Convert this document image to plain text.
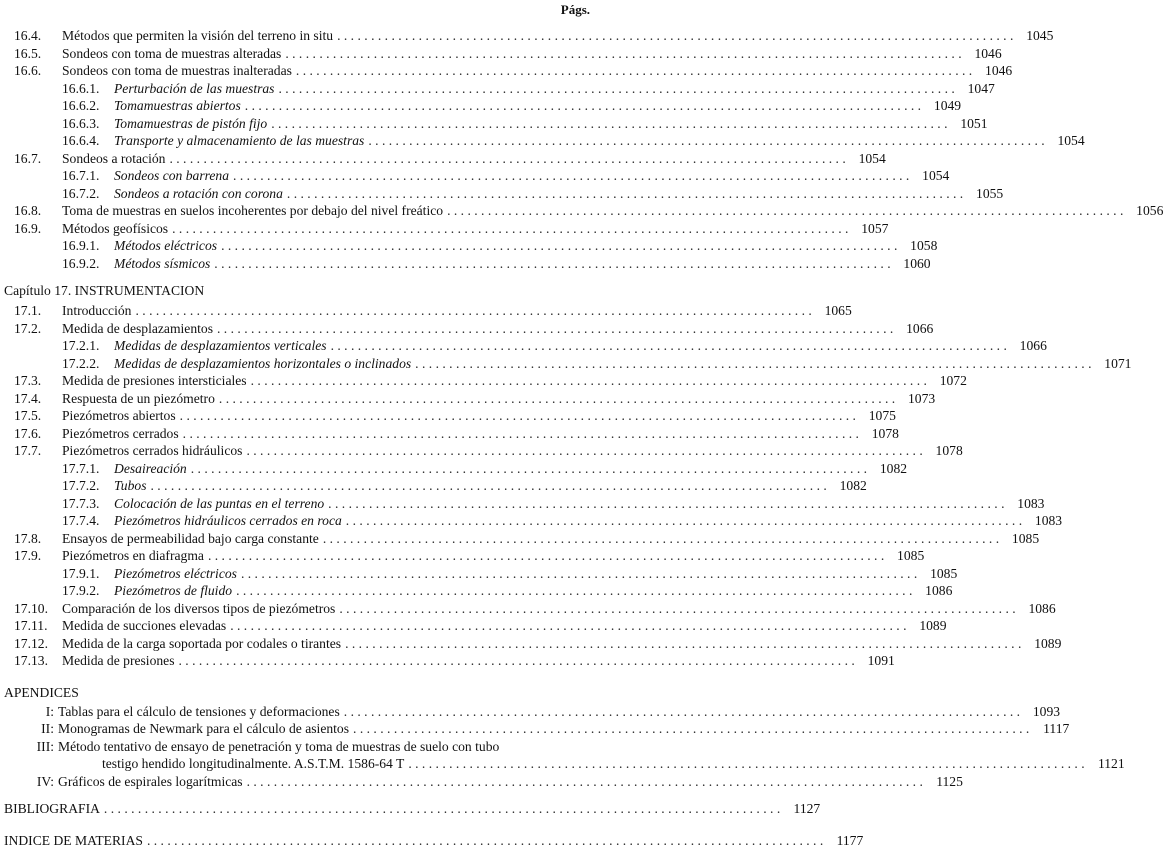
Págs.
16.4.	Métodos que permiten la visión del terreno in situ . . .	1045
16.5.	Sondeos con toma de muestras alteradas . . .	1046
16.6.	Sondeos con toma de muestras inalteradas . . .	1046
16.6.1.	Perturbación de las muestras . . .	1047
16.6.2.	Tomamuestras abiertos . . .	1049
16.6.3.	Tomamuestras de pistón fijo . . .	1051
16.6.4.	Transporte y almacenamiento de las muestras . . .	1054
16.7.	Sondeos a rotación . . .	1054
16.7.1.	Sondeos con barrena . . .	1054
16.7.2.	Sondeos a rotación con corona . . .	1055
16.8.	Toma de muestras en suelos incoherentes por debajo del nivel freático . . .	1056
16.9.	Métodos geofísicos . . .	1057
16.9.1.	Métodos eléctricos . . .	1058
16.9.2.	Métodos sísmicos . . .	1060
Capítulo 17. INSTRUMENTACION
17.1.	Introducción . . .	1065
17.2.	Medida de desplazamientos . . .	1066
17.2.1.	Medidas de desplazamientos verticales . . .	1066
17.2.2.	Medidas de desplazamientos horizontales o inclinados . . .	1071
17.3.	Medida de presiones intersticiales . . .	1072
17.4.	Respuesta de un piezómetro . . .	1073
17.5.	Piezómetros abiertos . . .	1075
17.6.	Piezómetros cerrados . . .	1078
17.7.	Piezómetros cerrados hidráulicos . . .	1078
17.7.1.	Desaireación . . .	1082
17.7.2.	Tubos . . .	1082
17.7.3.	Colocación de las puntas en el terreno . . .	1083
17.7.4.	Piezómetros hidráulicos cerrados en roca . . .	1083
17.8.	Ensayos de permeabilidad bajo carga constante . . .	1085
17.9.	Piezómetros en diafragma . . .	1085
17.9.1.	Piezómetros eléctricos . . .	1085
17.9.2.	Piezómetros de fluido . . .	1086
17.10.	Comparación de los diversos tipos de piezómetros . . .	1086
17.11.	Medida de succiones elevadas . . .	1089
17.12.	Medida de la carga soportada por codales o tirantes . . .	1089
17.13.	Medida de presiones . . .	1091
APENDICES
I: Tablas para el cálculo de tensiones y deformaciones . . .	1093
II: Monogramas de Newmark para el cálculo de asientos . . .	1117
III: Método tentativo de ensayo de penetración y toma de muestras de suelo con tubo
testigo hendido longitudinalmente. A.S.T.M. 1586-64 T . . .	1121
IV: Gráficos de espirales logarítmicas . . .	1125
BIBLIOGRAFIA . . .	1127
INDICE DE MATERIAS . . .	1177
